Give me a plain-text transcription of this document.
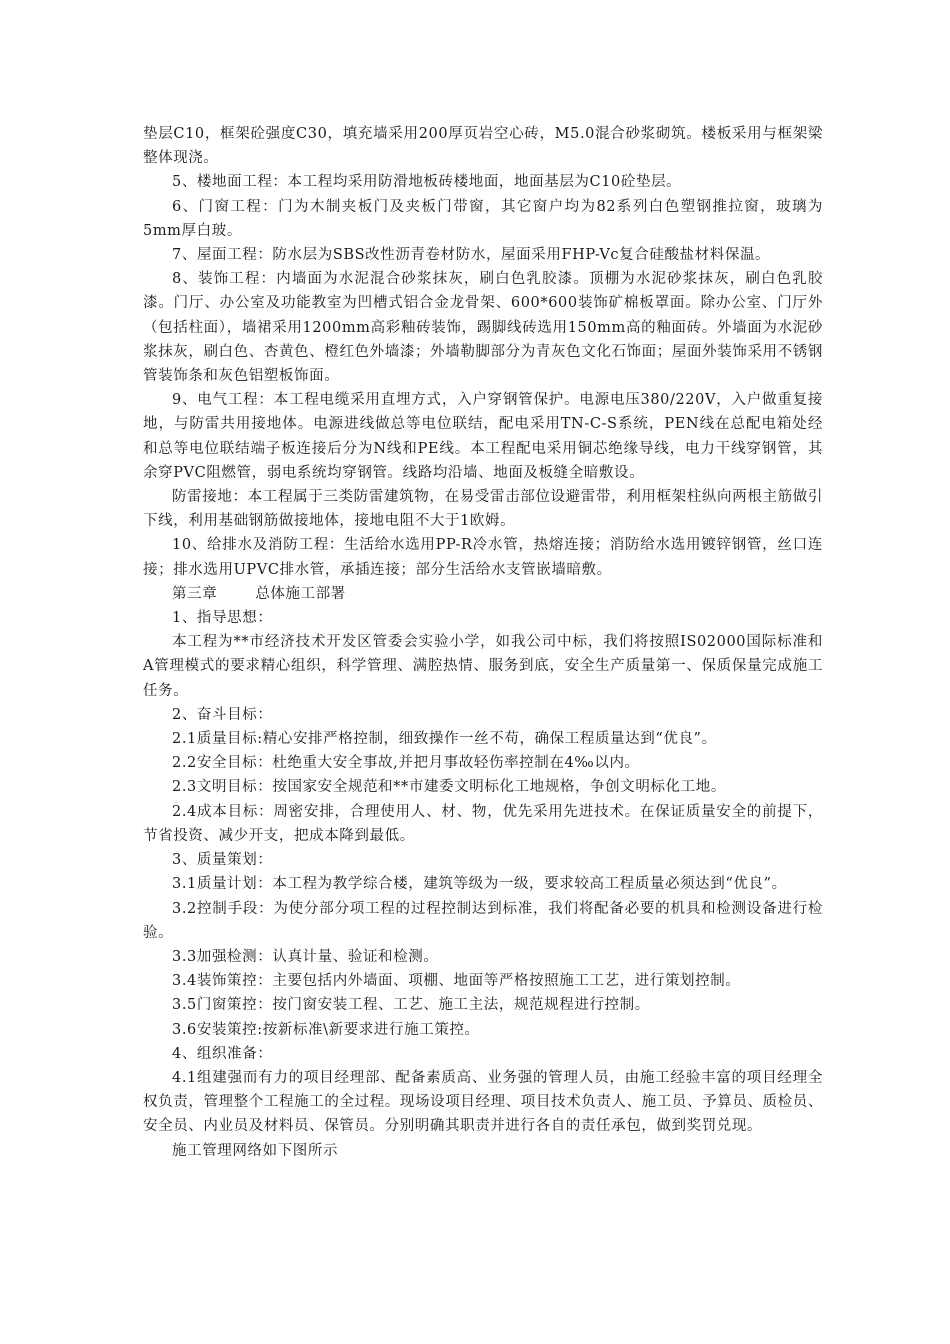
垫层C10，框架砼强度C30，填充墙采用200厚页岩空心砖，M5.0混合砂浆砌筑。楼板采用与框架梁整体现浇。

5、楼地面工程：本工程均采用防滑地板砖楼地面，地面基层为C10砼垫层。

6、门窗工程：门为木制夹板门及夹板门带窗，其它窗户均为82系列白色塑钢推拉窗，玻璃为5mm厚白玻。

7、屋面工程：防水层为SBS改性沥青卷材防水，屋面采用FHP-Vc复合硅酸盐材料保温。

8、装饰工程：内墙面为水泥混合砂浆抹灰，刷白色乳胶漆。顶棚为水泥砂浆抹灰，刷白色乳胶漆。门厅、办公室及功能教室为凹槽式铝合金龙骨架、600*600装饰矿棉板罩面。除办公室、门厅外（包括柱面），墙裙采用1200mm高彩釉砖装饰，踢脚线砖选用150mm高的釉面砖。外墙面为水泥砂浆抹灰，刷白色、杏黄色、橙红色外墙漆；外墙勒脚部分为青灰色文化石饰面；屋面外装饰采用不锈钢管装饰条和灰色铝塑板饰面。

9、电气工程：本工程电缆采用直埋方式，入户穿钢管保护。电源电压380/220V，入户做重复接地，与防雷共用接地体。电源进线做总等电位联结，配电采用TN-C-S系统，PEN线在总配电箱处经和总等电位联结端子板连接后分为N线和PE线。本工程配电采用铜芯绝缘导线，电力干线穿钢管，其余穿PVC阻燃管，弱电系统均穿钢管。线路均沿墙、地面及板缝全暗敷设。

防雷接地：本工程属于三类防雷建筑物，在易受雷击部位设避雷带，利用框架柱纵向两根主筋做引下线，利用基础钢筋做接地体，接地电阻不大于1欧姆。

10、给排水及消防工程：生活给水选用PP-R冷水管，热熔连接；消防给水选用镀锌钢管，丝口连接；排水选用UPVC排水管，承插连接；部分生活给水支管嵌墙暗敷。

第三章	总体施工部署

1、指导思想：

本工程为**市经济技术开发区管委会实验小学，如我公司中标，我们将按照IS02000国际标准和A管理模式的要求精心组织，科学管理、满腔热情、服务到底，安全生产质量第一、保质保量完成施工任务。

2、奋斗目标：

2.1质量目标:精心安排严格控制，细致操作一丝不苟，确保工程质量达到“优良”。

2.2安全目标：杜绝重大安全事故,并把月事故轻伤率控制在4‰以内。

2.3文明目标：按国家安全规范和**市建委文明标化工地规格，争创文明标化工地。

2.4成本目标：周密安排，合理使用人、材、物，优先采用先进技术。在保证质量安全的前提下，节省投资、减少开支，把成本降到最低。

3、质量策划：

3.1质量计划：本工程为教学综合楼，建筑等级为一级，要求较高工程质量必须达到“优良”。

3.2控制手段：为使分部分项工程的过程控制达到标准，我们将配备必要的机具和检测设备进行检验。

3.3加强检测：认真计量、验证和检测。

3.4装饰策控：主要包括内外墙面、项棚、地面等严格按照施工工艺，进行策划控制。

3.5门窗策控：按门窗安装工程、工艺、施工主法，规范规程进行控制。

3.6安装策控:按新标准\新要求进行施工策控。

4、组织准备：

4.1组建强而有力的项目经理部、配备素质高、业务强的管理人员，由施工经验丰富的项目经理全权负责，管理整个工程施工的全过程。现场设项目经理、项目技术负责人、施工员、予算员、质检员、安全员、内业员及材料员、保管员。分别明确其职责并进行各自的责任承包，做到奖罚兑现。

施工管理网络如下图所示
